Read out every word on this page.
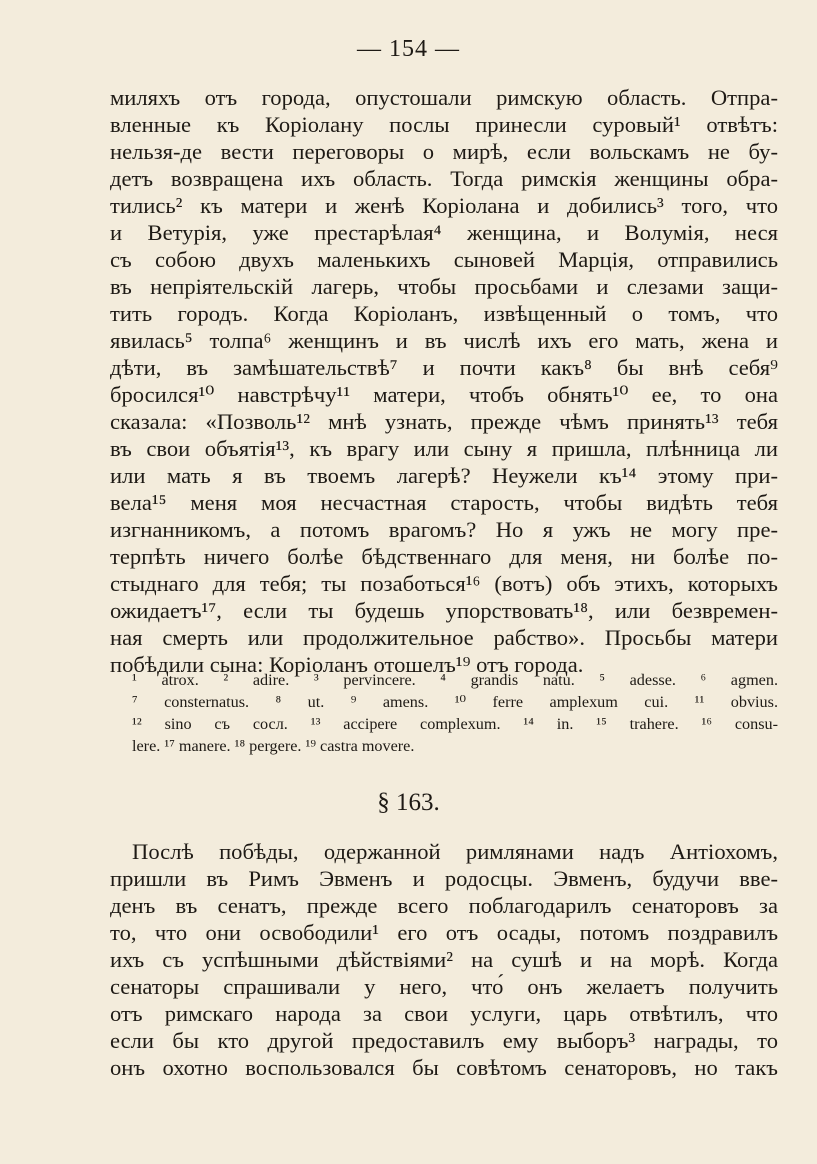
— 154 —
миляхъ отъ города, опустошали римскую область. Отпра-
вленные къ Коріолану послы принесли суровый¹ отвѣтъ:
нельзя-де вести переговоры о мирѣ, если вольскамъ не бу-
детъ возвращена ихъ область. Тогда римскія женщины обра-
тились² къ матери и женѣ Коріолана и добились³ того, что
и Ветурія, уже престарѣлая⁴ женщина, и Волумія, неся
съ собою двухъ маленькихъ сыновей Марція, отправились
въ непріятельскій лагерь, чтобы просьбами и слезами защи-
тить городъ. Когда Коріоланъ, извѣщенный о томъ, что
явилась⁵ толпа⁶ женщинъ и въ числѣ ихъ его мать, жена и
дѣти, въ замѣшательствѣ⁷ и почти какъ⁸ бы внѣ себя⁹
бросился¹⁰ навстрѣчу¹¹ матери, чтобъ обнять¹⁰ ее, то она
сказала: «Позволь¹² мнѣ узнать, прежде чѣмъ принять¹³ тебя
въ свои объятія¹³, къ врагу или сыну я пришла, плѣнница ли
или мать я въ твоемъ лагерѣ? Неужели къ¹⁴ этому при-
вела¹⁵ меня моя несчастная старость, чтобы видѣть тебя
изгнанникомъ, а потомъ врагомъ? Но я ужъ не могу пре-
терпѣть ничего болѣе бѣдственнаго для меня, ни болѣе по-
стыднаго для тебя; ты позаботься¹⁶ (вотъ) объ этихъ, которыхъ
ожидаетъ¹⁷, если ты будешь упорствовать¹⁸, или безвремен-
ная смерть или продолжительное рабство». Просьбы матери
побѣдили сына: Коріоланъ отошелъ¹⁹ отъ города.
¹ atrox. ² adire. ³ pervincere. ⁴ grandis natu. ⁵ adesse. ⁶ agmen.
⁷ consternatus. ⁸ ut. ⁹ amens. ¹⁰ ferre amplexum cui. ¹¹ obvius.
¹² sino съ сосл. ¹³ accipere complexum. ¹⁴ in. ¹⁵ trahere. ¹⁶ consu-
lere. ¹⁷ manere. ¹⁸ pergere. ¹⁹ castra movere.
§ 163.
Послѣ побѣды, одержанной римлянами надъ Антіохомъ,
пришли въ Римъ Эвменъ и родосцы. Эвменъ, будучи вве-
денъ въ сенатъ, прежде всего поблагодарилъ сенаторовъ за
то, что они освободили¹ его отъ осады, потомъ поздравилъ
ихъ съ успѣшными дѣйствіями² на сушѣ и на морѣ. Когда
сенаторы спрашивали у него, что́ онъ желаетъ получить
отъ римскаго народа за свои услуги, царь отвѣтилъ, что
если бы кто другой предоставилъ ему выборъ³ награды, то
онъ охотно воспользовался бы совѣтомъ сенаторовъ, но такъ
